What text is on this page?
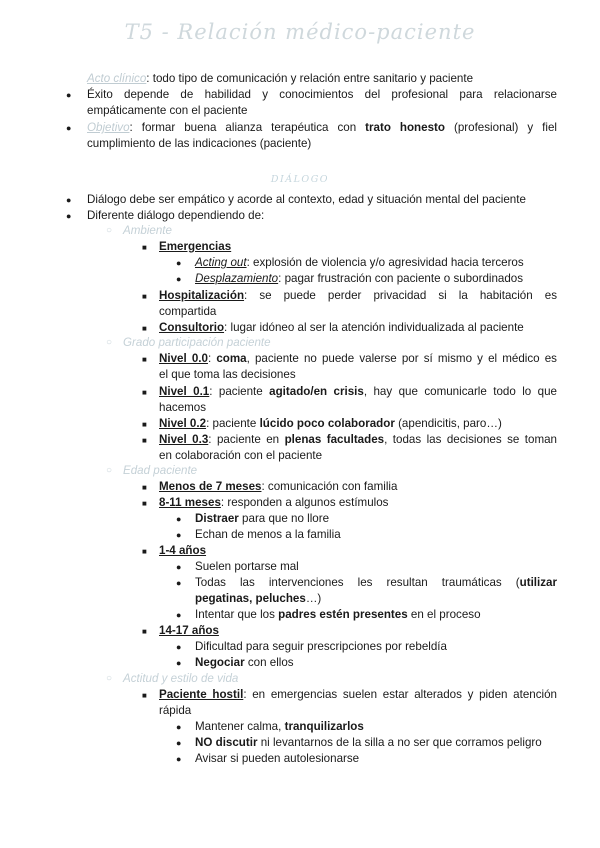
T5 - Relación médico-paciente
Acto clínico: todo tipo de comunicación y relación entre sanitario y paciente
● Éxito depende de habilidad y conocimientos del profesional para relacionarse
empáticamente con el paciente
● Objetivo: formar buena alianza terapéutica con trato honesto (profesional) y fiel
cumplimiento de las indicaciones (paciente)
DIÁLOGO
● Diálogo debe ser empático y acorde al contexto, edad y situación mental del paciente
● Diferente diálogo dependiendo de:
○ Ambiente
■ Emergencias
● Acting out: explosión de violencia y/o agresividad hacia terceros
● Desplazamiento: pagar frustración con paciente o subordinados
■ Hospitalización: se puede perder privacidad si la habitación es
compartida
■ Consultorio: lugar idóneo al ser la atención individualizada al paciente
○ Grado participación paciente
■ Nivel 0.0: coma, paciente no puede valerse por sí mismo y el médico es
el que toma las decisiones
■ Nivel 0.1: paciente agitado/en crisis, hay que comunicarle todo lo que
hacemos
■ Nivel 0.2: paciente lúcido poco colaborador (apendicitis, paro…)
■ Nivel 0.3: paciente en plenas facultades, todas las decisiones se toman
en colaboración con el paciente
○ Edad paciente
■ Menos de 7 meses: comunicación con familia
■ 8-11 meses: responden a algunos estímulos
● Distraer para que no llore
● Echan de menos a la familia
■ 1-4 años
● Suelen portarse mal
● Todas las intervenciones les resultan traumáticas (utilizar
pegatinas, peluches…)
● Intentar que los padres estén presentes en el proceso
■ 14-17 años
● Dificultad para seguir prescripciones por rebeldía
● Negociar con ellos
○ Actitud y estilo de vida
■ Paciente hostil: en emergencias suelen estar alterados y piden atención
rápida
● Mantener calma, tranquilizarlos
● NO discutir ni levantarnos de la silla a no ser que corramos peligro
● Avisar si pueden autolesionarse
